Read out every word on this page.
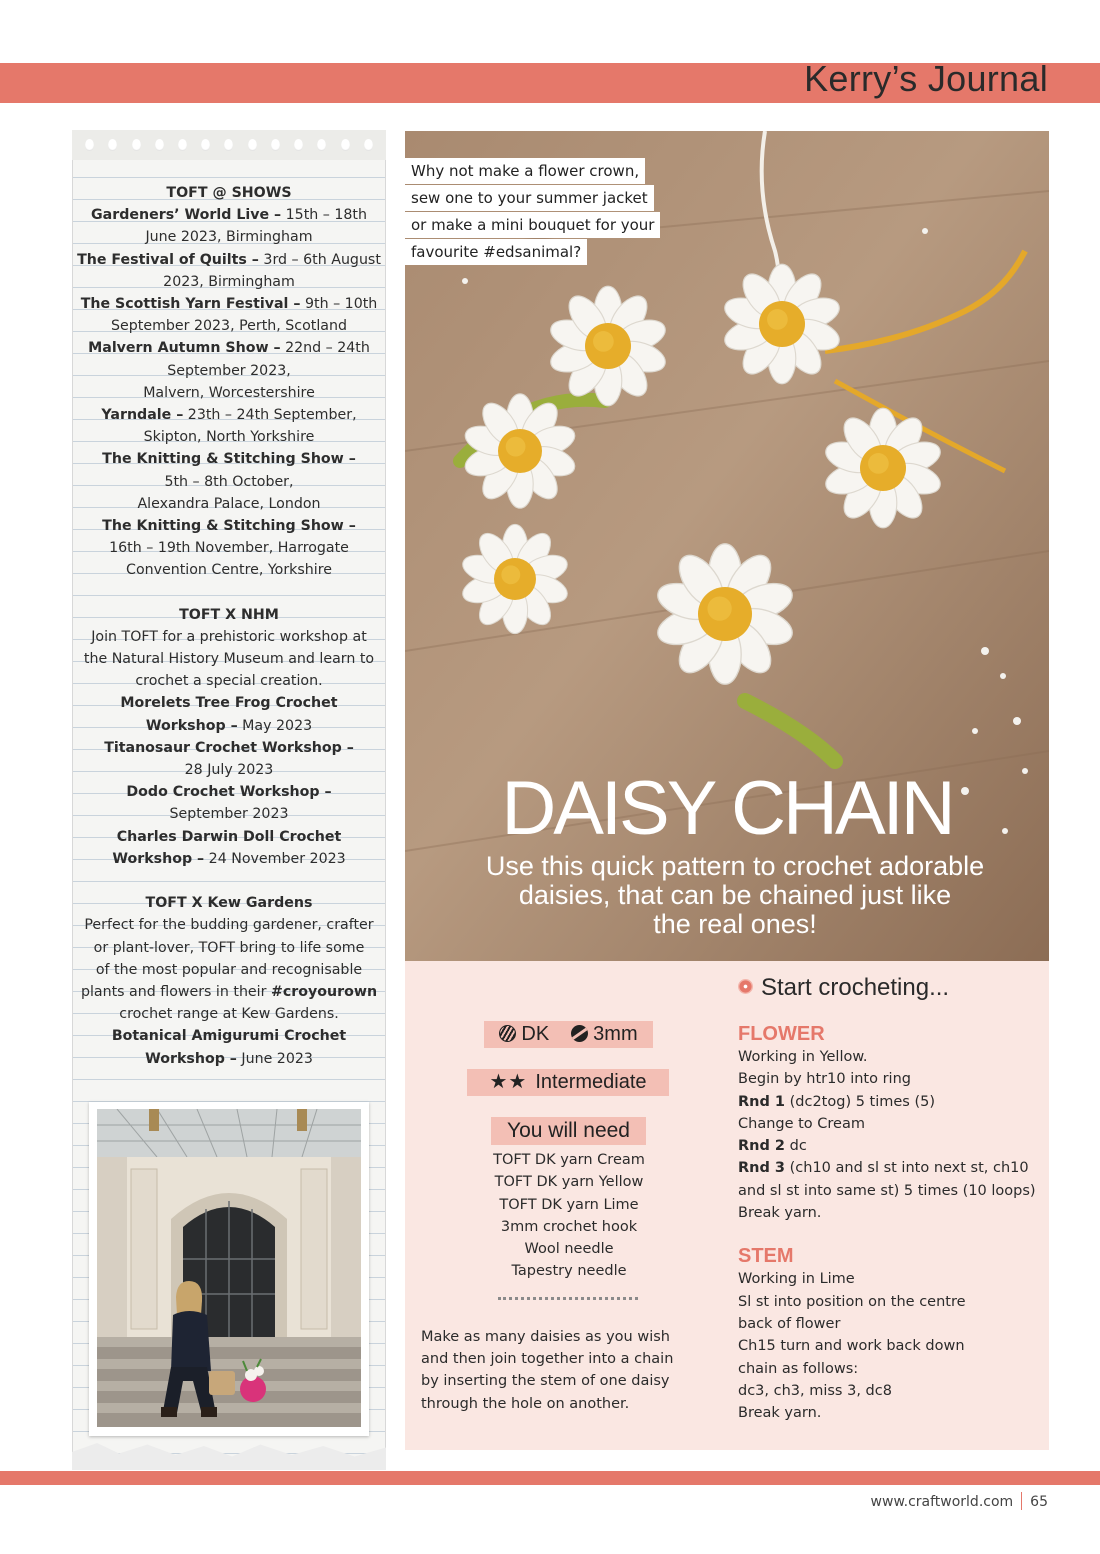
Kerry’s Journal
TOFT @ SHOWS
Gardeners’ World Live – 15th – 18th
June 2023, Birmingham
The Festival of Quilts – 3rd – 6th August
2023, Birmingham
The Scottish Yarn Festival – 9th – 10th
September 2023, Perth, Scotland
Malvern Autumn Show – 22nd – 24th
September 2023,
Malvern, Worcestershire
Yarndale – 23th – 24th September,
Skipton, North Yorkshire
The Knitting & Stitching Show –
5th – 8th October,
Alexandra Palace, London
The Knitting & Stitching Show –
16th – 19th November, Harrogate
Convention Centre, Yorkshire
TOFT X NHM
Join TOFT for a prehistoric workshop at
the Natural History Museum and learn to
crochet a special creation.
Morelets Tree Frog Crochet
Workshop – May 2023
Titanosaur Crochet Workshop –
28 July 2023
Dodo Crochet Workshop –
September 2023
Charles Darwin Doll Crochet
Workshop – 24 November 2023
TOFT X Kew Gardens
Perfect for the budding gardener, crafter
or plant-lover, TOFT bring to life some
of the most popular and recognisable
plants and flowers in their #croyourown
crochet range at Kew Gardens.
Botanical Amigurumi Crochet
Workshop – June 2023
Why not make a flower crown,
sew one to your summer jacket
or make a mini bouquet for your
favourite #edsanimal?
DAISY CHAIN
Use this quick pattern to crochet adorable
daisies, that can be chained just like
the real ones!
Start crocheting...
DK 3mm
★★ Intermediate
You will need
TOFT DK yarn Cream
TOFT DK yarn Yellow
TOFT DK yarn Lime
3mm crochet hook
Wool needle
Tapestry needle
Make as many daisies as you wish
and then join together into a chain
by inserting the stem of one daisy
through the hole on another.
FLOWER
Working in Yellow.
Begin by htr10 into ring
Rnd 1 (dc2tog) 5 times (5)
Change to Cream
Rnd 2 dc
Rnd 3 (ch10 and sl st into next st, ch10
and sl st into same st) 5 times (10 loops)
Break yarn.
STEM
Working in Lime
Sl st into position on the centre
back of flower
Ch15 turn and work back down
chain as follows:
dc3, ch3, miss 3, dc8
Break yarn.
www.craftworld.com 65
